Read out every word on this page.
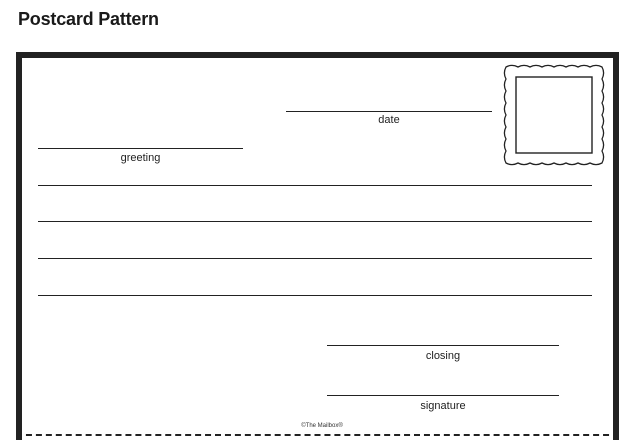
Postcard Pattern
date
greeting
closing
signature
©The Mailbox®
